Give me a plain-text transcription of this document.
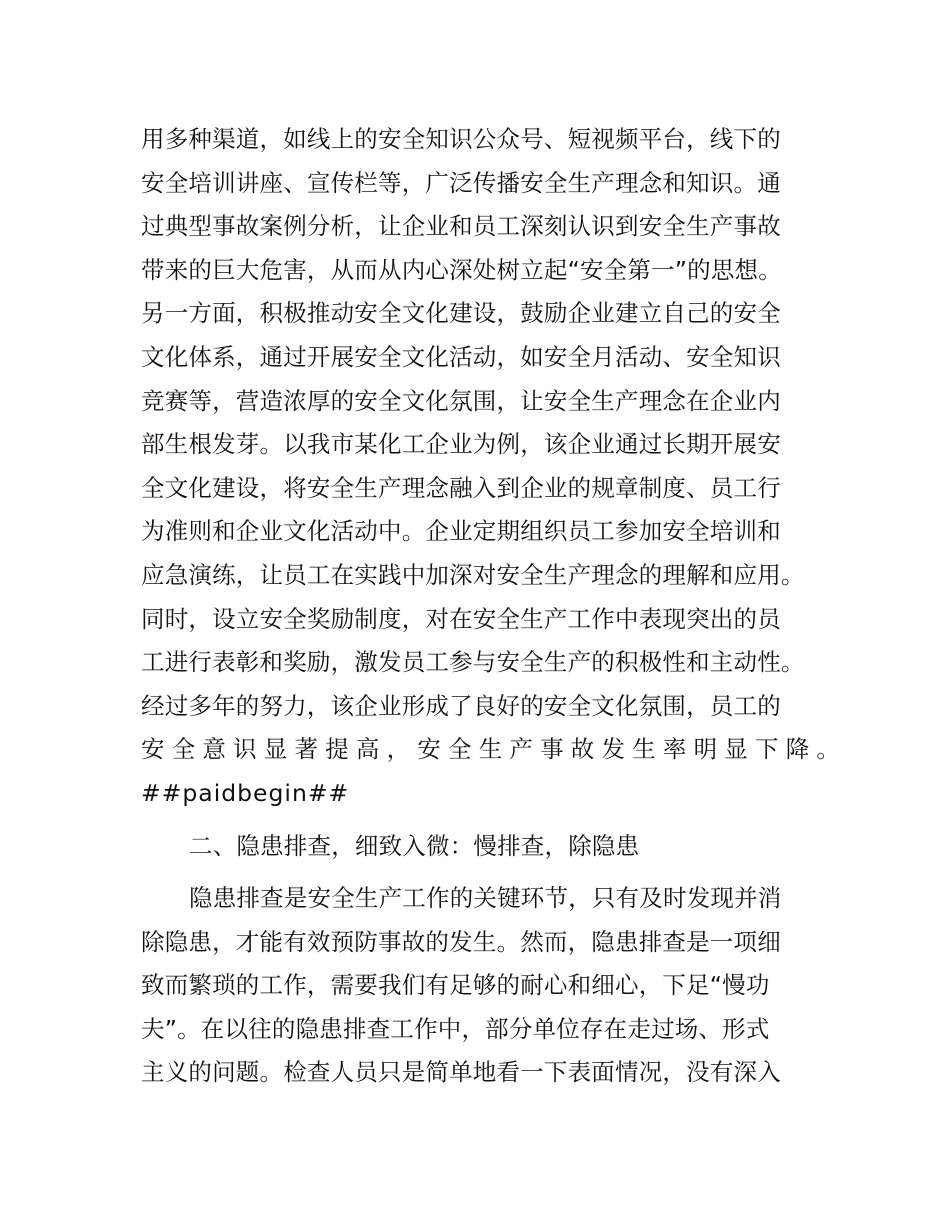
用多种渠道，如线上的安全知识公众号、短视频平台，线下的
安全培训讲座、宣传栏等，广泛传播安全生产理念和知识。通
过典型事故案例分析，让企业和员工深刻认识到安全生产事故
带来的巨大危害，从而从内心深处树立起“安全第一”的思想。
另一方面，积极推动安全文化建设，鼓励企业建立自己的安全
文化体系，通过开展安全文化活动，如安全月活动、安全知识
竞赛等，营造浓厚的安全文化氛围，让安全生产理念在企业内
部生根发芽。以我市某化工企业为例，该企业通过长期开展安
全文化建设，将安全生产理念融入到企业的规章制度、员工行
为准则和企业文化活动中。企业定期组织员工参加安全培训和
应急演练，让员工在实践中加深对安全生产理念的理解和应用。
同时，设立安全奖励制度，对在安全生产工作中表现突出的员
工进行表彰和奖励，激发员工参与安全生产的积极性和主动性。
经过多年的努力，该企业形成了良好的安全文化氛围，员工的
安全意识显著提高，安全生产事故发生率明显下降。
##paidbegin##
二、隐患排查，细致入微：慢排查，除隐患
隐患排查是安全生产工作的关键环节，只有及时发现并消
除隐患，才能有效预防事故的发生。然而，隐患排查是一项细
致而繁琐的工作，需要我们有足够的耐心和细心，下足“慢功
夫”。在以往的隐患排查工作中，部分单位存在走过场、形式
主义的问题。检查人员只是简单地看一下表面情况，没有深入
